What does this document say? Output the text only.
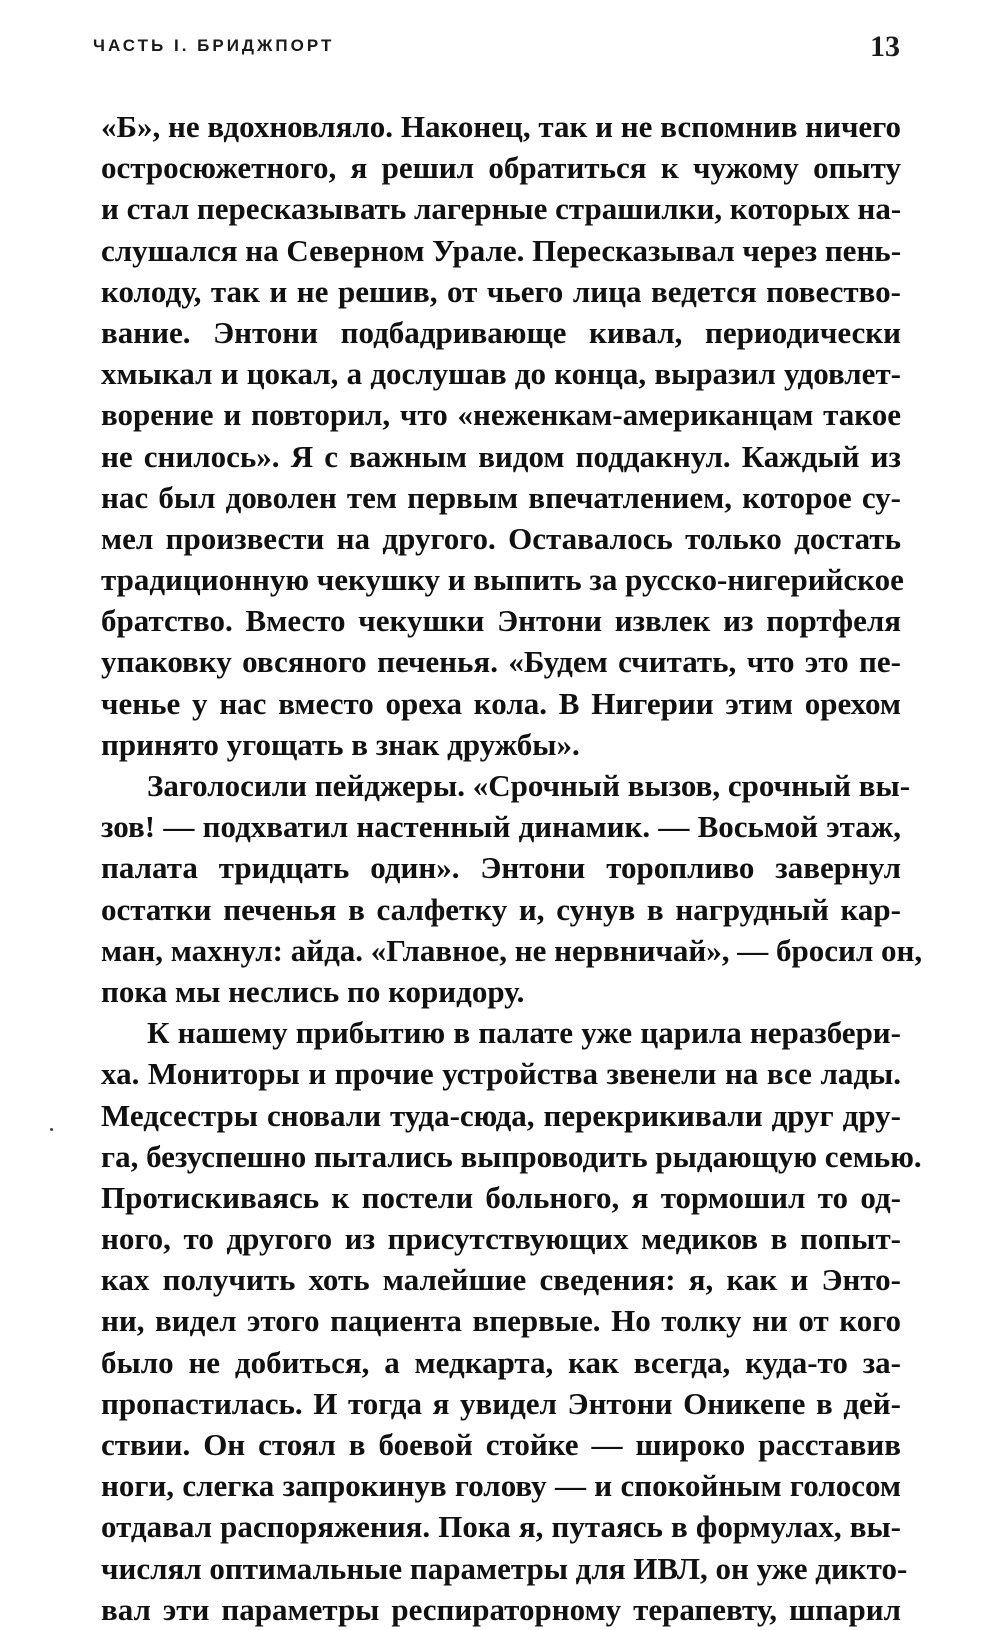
ЧАСТЬ I. БРИДЖПОРТ	13
«Б», не вдохновляло. Наконец, так и не вспомнив ничего
остросюжетного, я решил обратиться к чужому опыту
и стал пересказывать лагерные страшилки, которых на-
слушался на Северном Урале. Пересказывал через пень-
колоду, так и не решив, от чьего лица ведется повество-
вание. Энтони подбадривающе кивал, периодически
хмыкал и цокал, а дослушав до конца, выразил удовлет-
ворение и повторил, что «неженкам-американцам такое
не снилось». Я с важным видом поддакнул. Каждый из
нас был доволен тем первым впечатлением, которое су-
мел произвести на другого. Оставалось только достать
традиционную чекушку и выпить за русско-нигерийское
братство. Вместо чекушки Энтони извлек из портфеля
упаковку овсяного печенья. «Будем считать, что это пе-
ченье у нас вместо ореха кола. В Нигерии этим орехом
принято угощать в знак дружбы».
Заголосили пейджеры. «Срочный вызов, срочный вы-
зов! — подхватил настенный динамик. — Восьмой этаж,
палата тридцать один». Энтони торопливо завернул
остатки печенья в салфетку и, сунув в нагрудный кар-
ман, махнул: айда. «Главное, не нервничай», — бросил он,
пока мы неслись по коридору.
К нашему прибытию в палате уже царила неразбери-
ха. Мониторы и прочие устройства звенели на все лады.
Медсестры сновали туда-сюда, перекрикивали друг дру-
га, безуспешно пытались выпроводить рыдающую семью.
Протискиваясь к постели больного, я тормошил то од-
ного, то другого из присутствующих медиков в попыт-
ках получить хоть малейшие сведения: я, как и Энто-
ни, видел этого пациента впервые. Но толку ни от кого
было не добиться, а медкарта, как всегда, куда-то за-
пропастилась. И тогда я увидел Энтони Оникепе в дей-
ствии. Он стоял в боевой стойке — широко расставив
ноги, слегка запрокинув голову — и спокойным голосом
отдавал распоряжения. Пока я, путаясь в формулах, вы-
числял оптимальные параметры для ИВЛ, он уже дикто-
вал эти параметры респираторному терапевту, шпарил
